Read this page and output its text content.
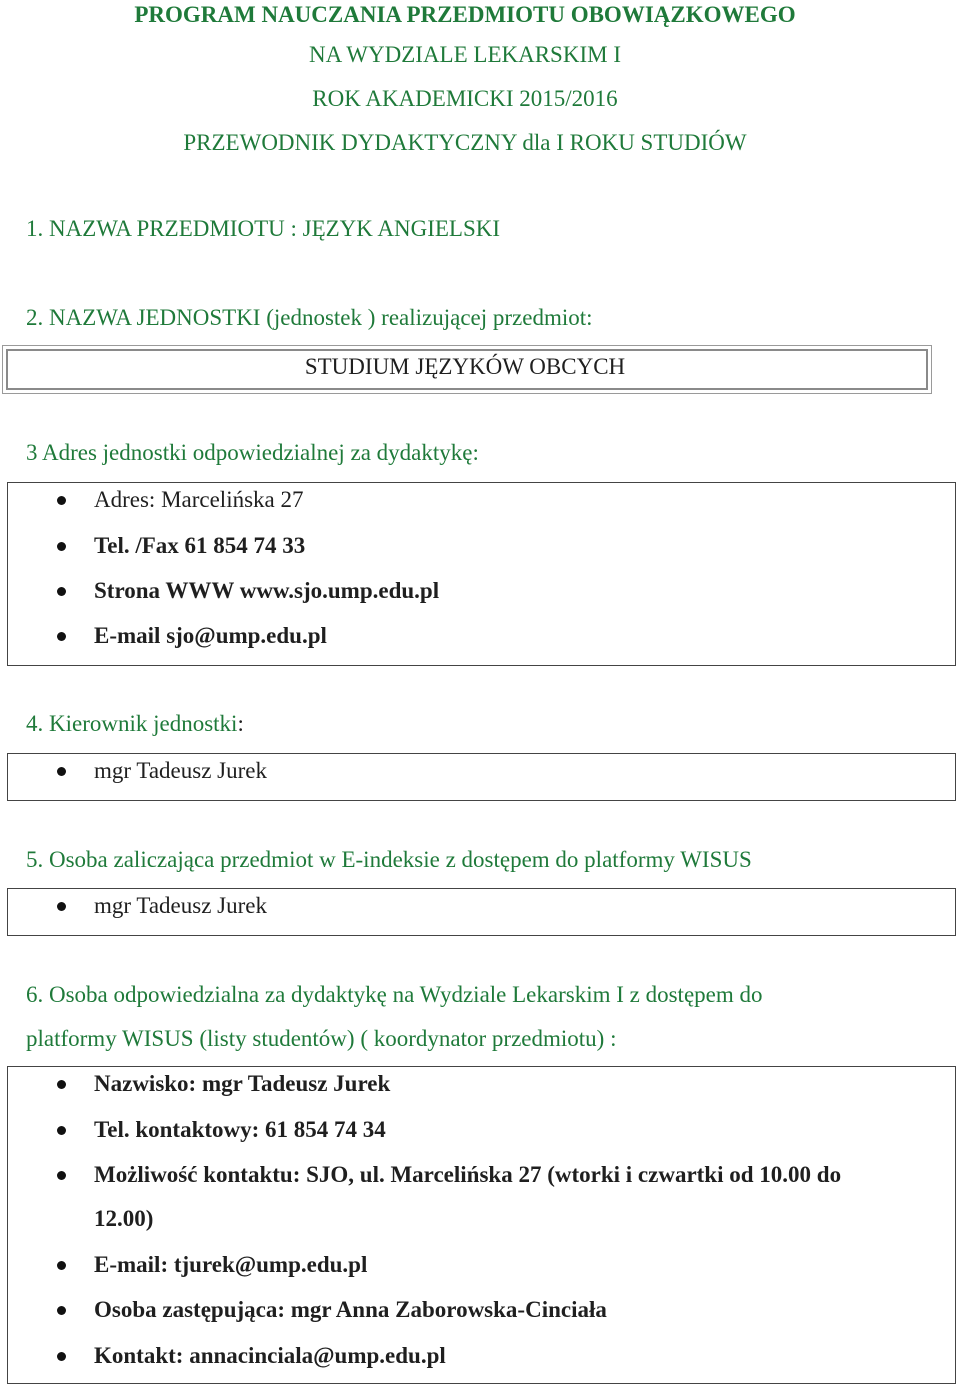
PROGRAM NAUCZANIA PRZEDMIOTU OBOWIĄZKOWEGO
NA WYDZIALE LEKARSKIM I
ROK AKADEMICKI 2015/2016
PRZEWODNIK DYDAKTYCZNY dla I ROKU STUDIÓW
1. NAZWA PRZEDMIOTU : JĘZYK ANGIELSKI
2. NAZWA JEDNOSTKI (jednostek ) realizującej przedmiot:
STUDIUM JĘZYKÓW OBCYCH
3 Adres jednostki odpowiedzialnej za dydaktykę:
Adres: Marcelińska 27
Tel. /Fax 61 854 74 33
Strona WWW www.sjo.ump.edu.pl
E-mail sjo@ump.edu.pl
4. Kierownik jednostki:
mgr Tadeusz Jurek
5. Osoba zaliczająca przedmiot w E-indeksie z dostępem do platformy WISUS
mgr Tadeusz Jurek
6. Osoba odpowiedzialna za dydaktykę na Wydziale Lekarskim I z dostępem do
platformy WISUS (listy studentów) ( koordynator przedmiotu) :
Nazwisko: mgr Tadeusz Jurek
Tel. kontaktowy: 61 854 74 34
Możliwość kontaktu: SJO, ul. Marcelińska 27 (wtorki i czwartki od 10.00 do
12.00)
E-mail: tjurek@ump.edu.pl
Osoba zastępująca: mgr Anna Zaborowska-Cinciała
Kontakt: annacinciala@ump.edu.pl
